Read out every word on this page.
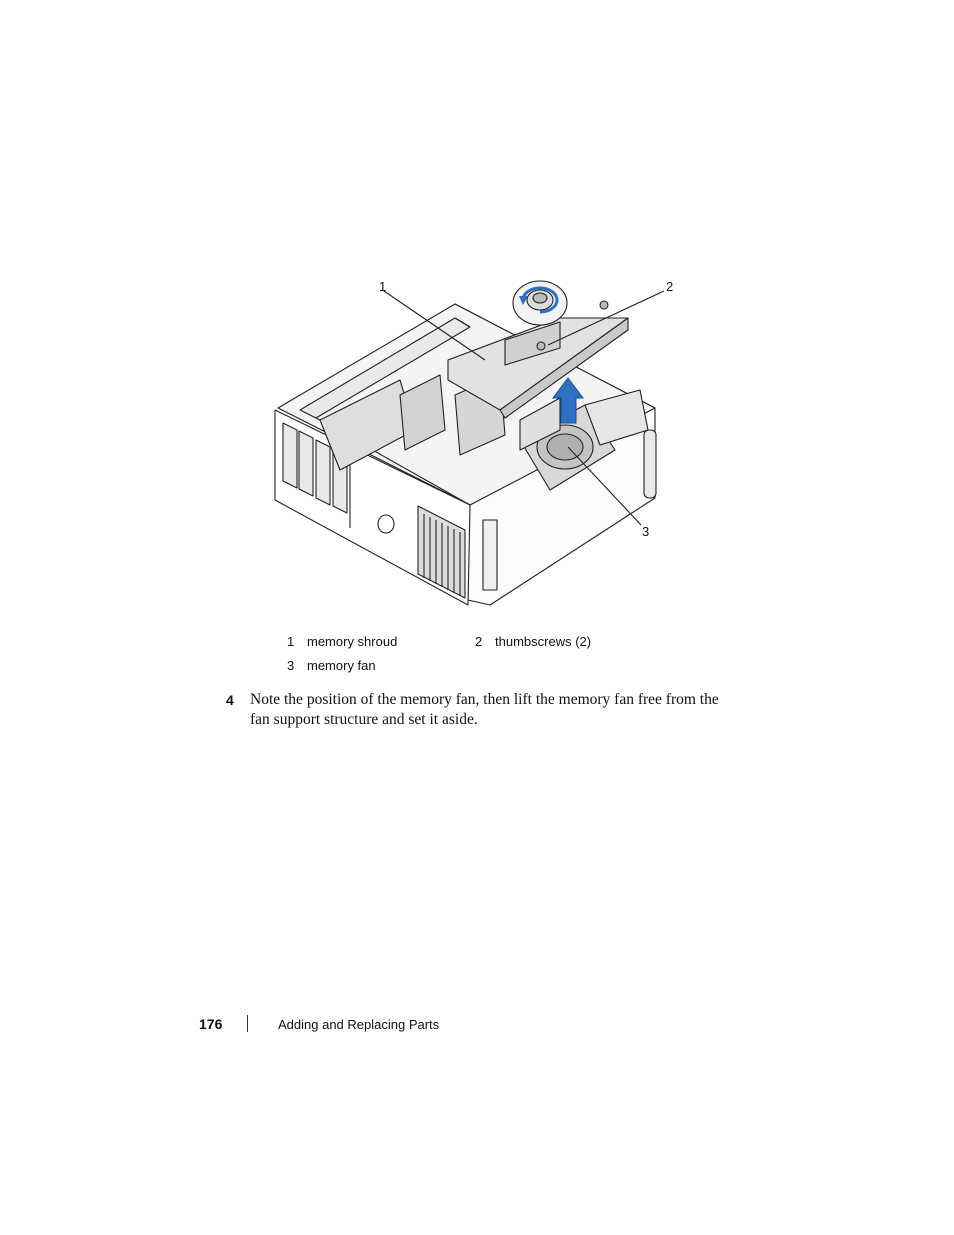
1	2
3
1 memory shroud	2 thumbscrews (2)
3 memory fan
4 Note the position of the memory fan, then lift the memory fan free from the fan support structure and set it aside.
176	Adding and Replacing Parts
